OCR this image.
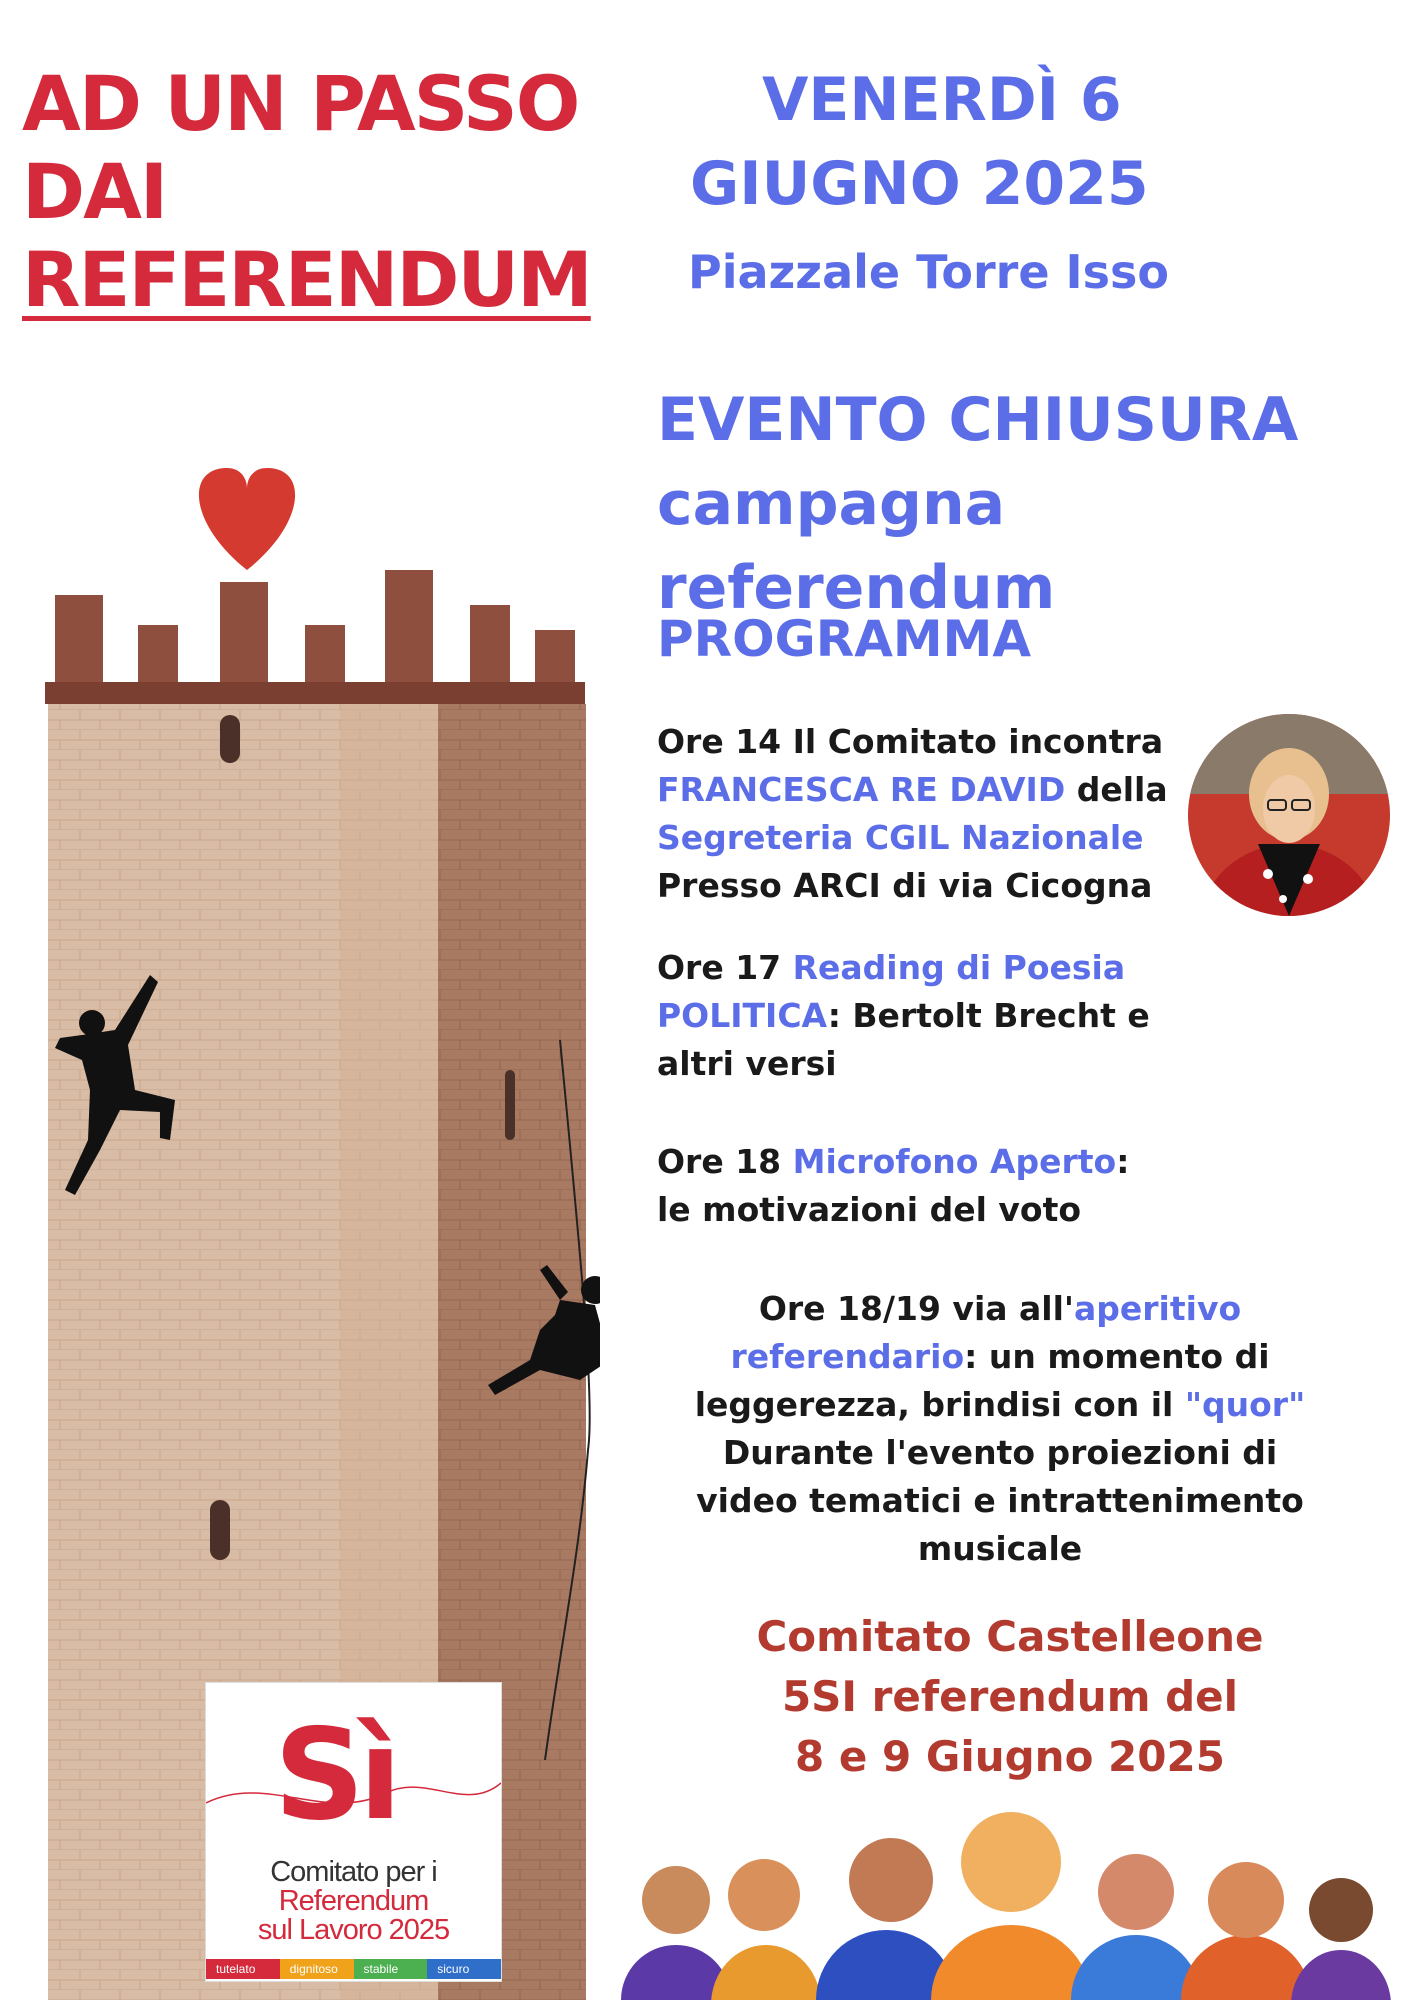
AD UN PASSO
DAI
REFERENDUM
VENERDÌ 6
GIUGNO 2025
Piazzale Torre Isso
EVENTO CHIUSURA
campagna referendum
PROGRAMMA
Ore 14 Il Comitato incontra
FRANCESCA RE DAVID della
Segreteria CGIL Nazionale
Presso ARCI di via Cicogna
Ore 17 Reading di Poesia
POLITICA: Bertolt Brecht e
altri versi
Ore 18 Microfono Aperto:
le motivazioni del voto
Ore 18/19 via all'aperitivo
referendario: un momento di
leggerezza, brindisi con il "quor"
Durante l'evento proiezioni di
video tematici e intrattenimento
musicale
Comitato Castelleone
5SI referendum del
8 e 9 Giugno 2025
Sì
Comitato per i
Referendum
sul Lavoro 2025
tutelato	dignitoso	stabile	sicuro
